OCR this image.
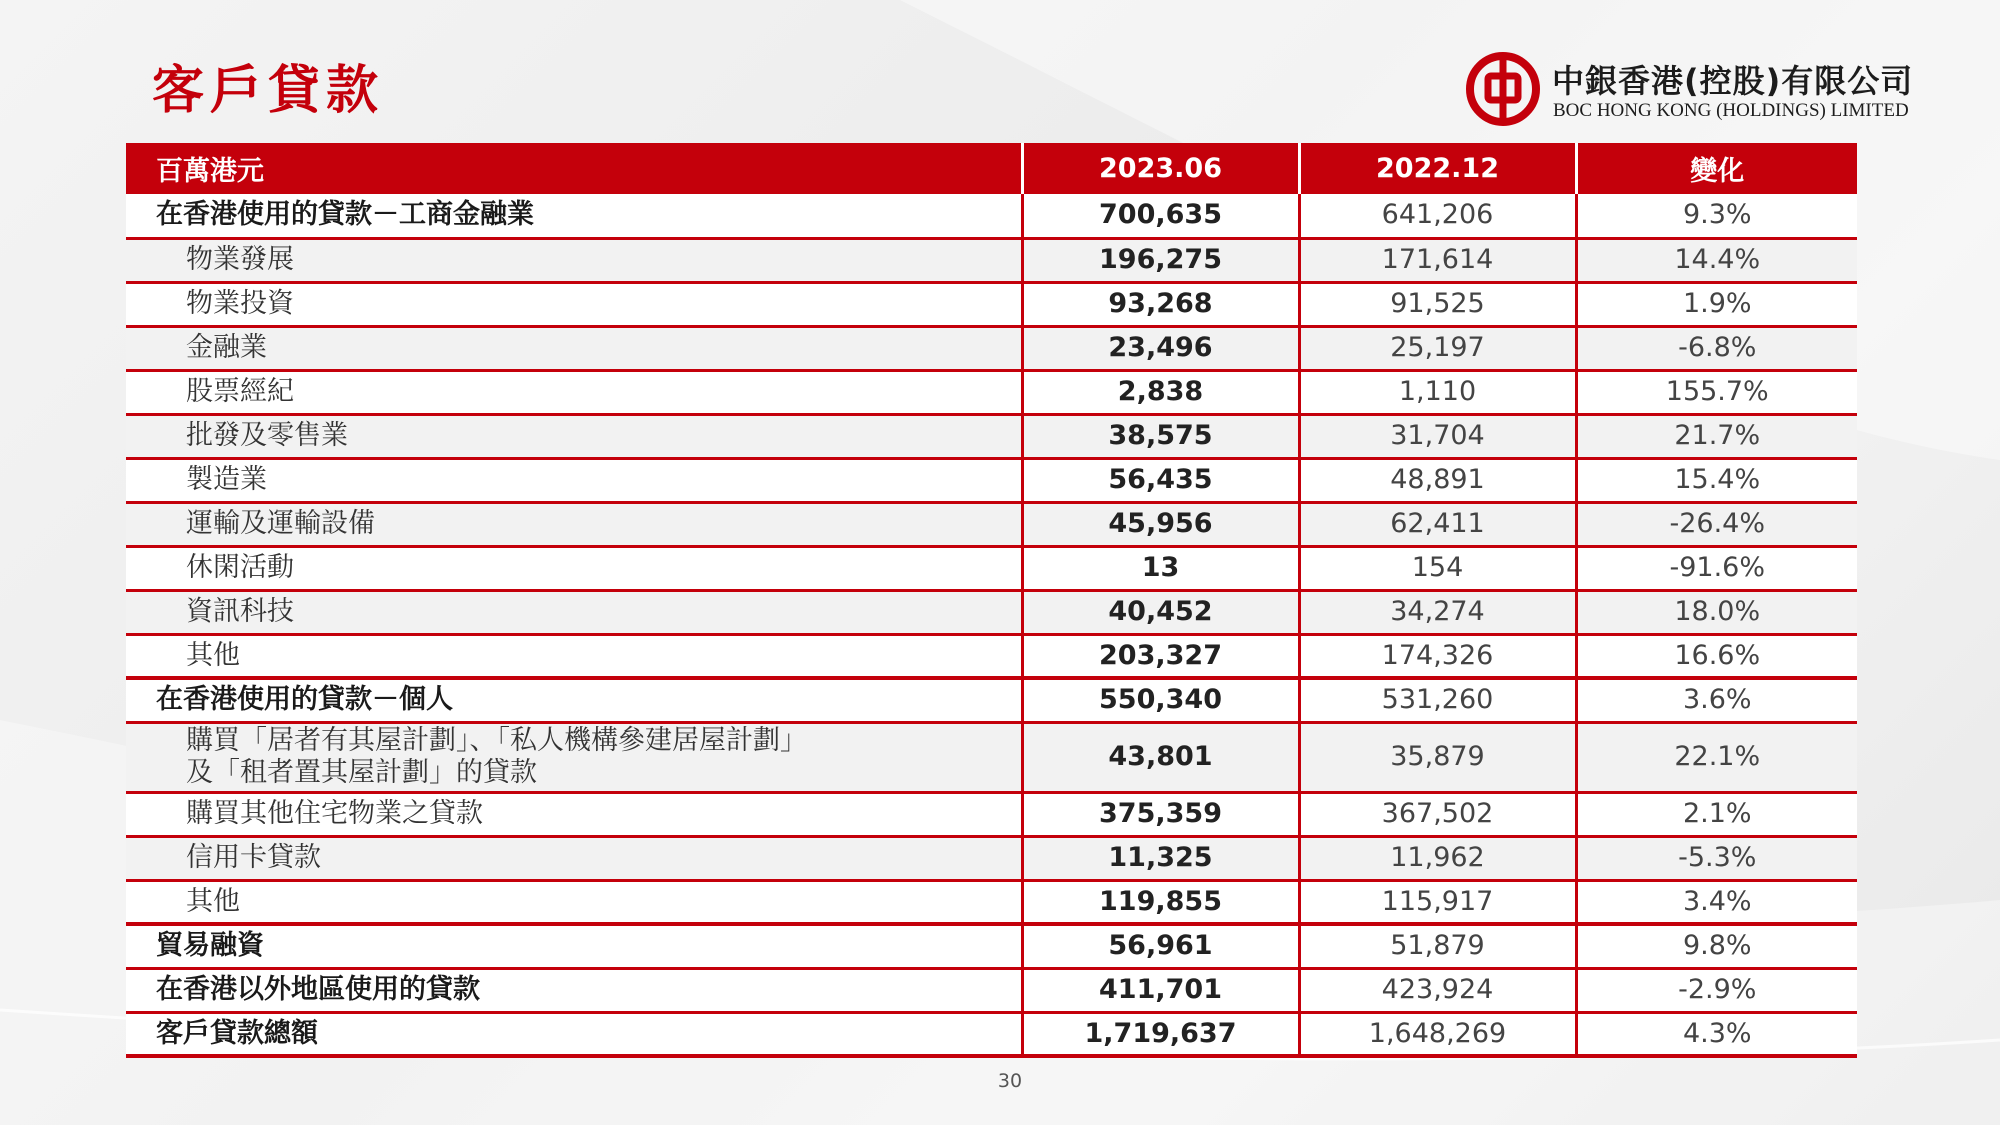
客戶貸款	中銀香港(控股)有限公司
BOC HONG KONG (HOLDINGS) LIMITED
百萬港元	2023.06	2022.12	變化
在香港使用的貸款－工商金融業	700,635	641,206	9.3%
物業發展	196,275	171,614	14.4%
物業投資	93,268	91,525	1.9%
金融業	23,496	25,197	-6.8%
股票經紀	2,838	1,110	155.7%
批發及零售業	38,575	31,704	21.7%
製造業	56,435	48,891	15.4%
運輸及運輸設備	45,956	62,411	-26.4%
休閑活動	13	154	-91.6%
資訊科技	40,452	34,274	18.0%
其他	203,327	174,326	16.6%
在香港使用的貸款－個人	550,340	531,260	3.6%

購買「居者有其屋計劃」、「私人機構參建居屋計劃」
及「租者置其屋計劃」的貸款	43,801	35,879	22.1%
購買其他住宅物業之貸款	375,359	367,502	2.1%
信用卡貸款	11,325	11,962	-5.3%
其他	119,855	115,917	3.4%
貿易融資	56,961	51,879	9.8%
在香港以外地區使用的貸款	411,701	423,924	-2.9%
客戶貸款總額	1,719,637	1,648,269	4.3%
30
